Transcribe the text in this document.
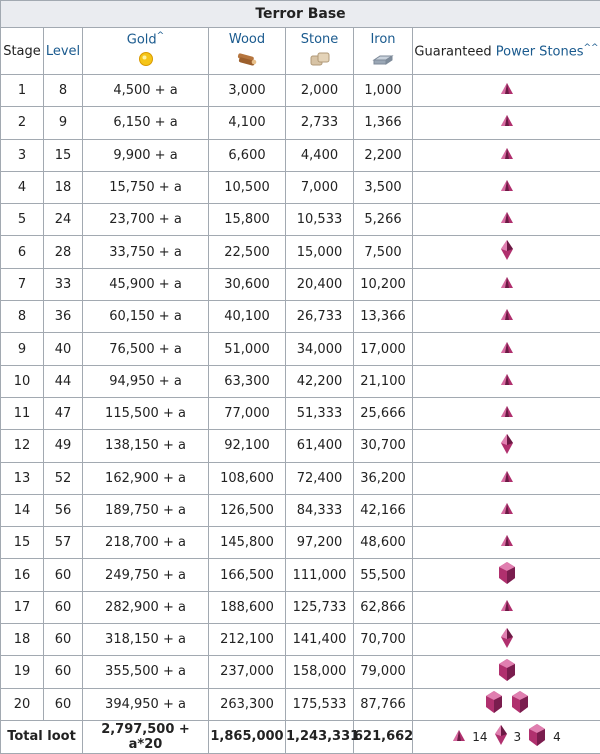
Terror Base						
Stage	Level	Gold^	Wood	Stone	Iron	Guaranteed Power Stones^^
1	8	4,500 + a	3,000	2,000	1,000	

2	9	6,150 + a	4,100	2,733	1,366	

3	15	9,900 + a	6,600	4,400	2,200	

4	18	15,750 + a	10,500	7,000	3,500	

5	24	23,700 + a	15,800	10,533	5,266	

6	28	33,750 + a	22,500	15,000	7,500	

7	33	45,900 + a	30,600	20,400	10,200	

8	36	60,150 + a	40,100	26,733	13,366	

9	40	76,500 + a	51,000	34,000	17,000	

10	44	94,950 + a	63,300	42,200	21,100	

11	47	115,500 + a	77,000	51,333	25,666	

12	49	138,150 + a	92,100	61,400	30,700	

13	52	162,900 + a	108,600	72,400	36,200	

14	56	189,750 + a	126,500	84,333	42,166	

15	57	218,700 + a	145,800	97,200	48,600	

16	60	249,750 + a	166,500	111,000	55,500	

17	60	282,900 + a	188,600	125,733	62,866	

18	60	318,150 + a	212,100	141,400	70,700	

19	60	355,500 + a	237,000	158,000	79,000	

20	60	394,950 + a	263,300	175,533	87,766	

Total loot		2,797,500 + a*20	1,865,000	1,243,331	621,662	14 3 4
